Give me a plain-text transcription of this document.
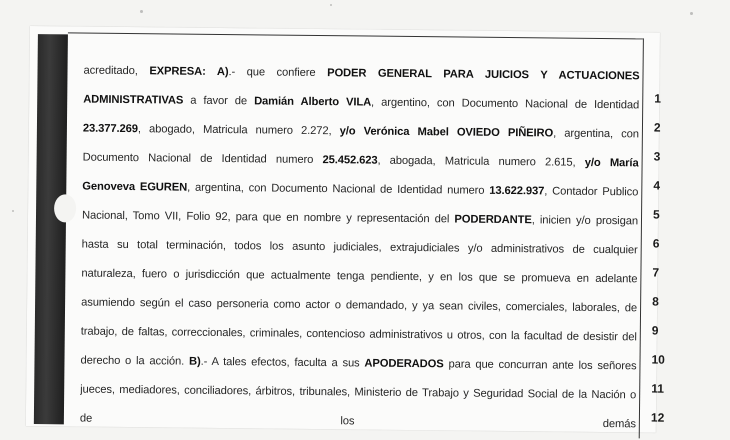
acreditado, EXPRESA: A).- que confiere PODER GENERAL PARA JUICIOS Y ACTUACIONES
ADMINISTRATIVAS a favor de Damián Alberto VILA, argentino, con Documento Nacional de Identidad
23.377.269, abogado, Matricula numero 2.272, y/o Verónica Mabel OVIEDO PIÑEIRO, argentina, con
Documento Nacional de Identidad numero 25.452.623, abogada, Matricula numero 2.615, y/o María
Genoveva EGUREN, argentina, con Documento Nacional de Identidad numero 13.622.937, Contador Publico
Nacional, Tomo VII, Folio 92, para que en nombre y representación del PODERDANTE, inicien y/o prosigan
hasta su total terminación, todos los asunto judiciales, extrajudiciales y/o administrativos de cualquier
naturaleza, fuero o jurisdicción que actualmente tenga pendiente, y en los que se promueva en adelante
asumiendo según el caso personeria como actor o demandado, y ya sean civiles, comerciales, laborales, de
trabajo, de faltas, correccionales, criminales, contencioso administrativos u otros, con la facultad de desistir del
derecho o la acción. B).- A tales efectos, faculta a sus APODERADOS para que concurran ante los señores
jueces, mediadores, conciliadores, árbitros, tribunales, Ministerio de Trabajo y Seguridad Social de la Nación o
de los demás
1
2
3
4
5
6
7
8
9
10
11
12
